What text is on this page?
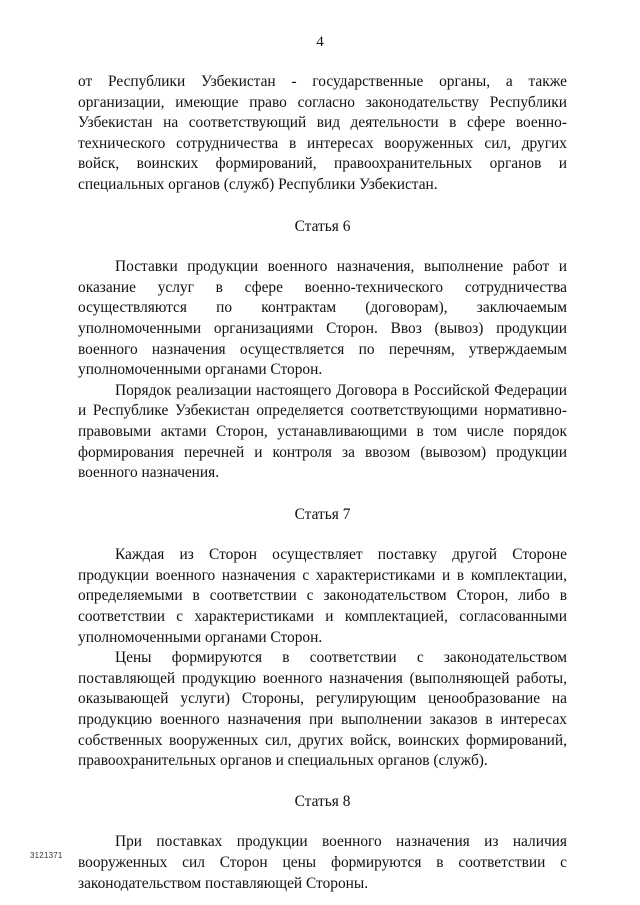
4

от Республики Узбекистан - государственные органы, а также организации, имеющие право согласно законодательству Республики Узбекистан на соответствующий вид деятельности в сфере военно-технического сотрудничества в интересах вооруженных сил, других войск, воинских формирований, правоохранительных органов и специальных органов (служб) Республики Узбекистан.

Статья 6

Поставки продукции военного назначения, выполнение работ и оказание услуг в сфере военно-технического сотрудничества осуществляются по контрактам (договорам), заключаемым уполномоченными организациями Сторон. Ввоз (вывоз) продукции военного назначения осуществляется по перечням, утверждаемым уполномоченными органами Сторон.

Порядок реализации настоящего Договора в Российской Федерации и Республике Узбекистан определяется соответствующими нормативно-правовыми актами Сторон, устанавливающими в том числе порядок формирования перечней и контроля за ввозом (вывозом) продукции военного назначения.

Статья 7

Каждая из Сторон осуществляет поставку другой Стороне продукции военного назначения с характеристиками и в комплектации, определяемыми в соответствии с законодательством Сторон, либо в соответствии с характеристиками и комплектацией, согласованными уполномоченными органами Сторон.

Цены формируются в соответствии с законодательством поставляющей продукцию военного назначения (выполняющей работы, оказывающей услуги) Стороны, регулирующим ценообразование на продукцию военного назначения при выполнении заказов в интересах собственных вооруженных сил, других войск, воинских формирований, правоохранительных органов и специальных органов (служб).

Статья 8

При поставках продукции военного назначения из наличия вооруженных сил Сторон цены формируются в соответствии с законодательством поставляющей Стороны.

3121371
